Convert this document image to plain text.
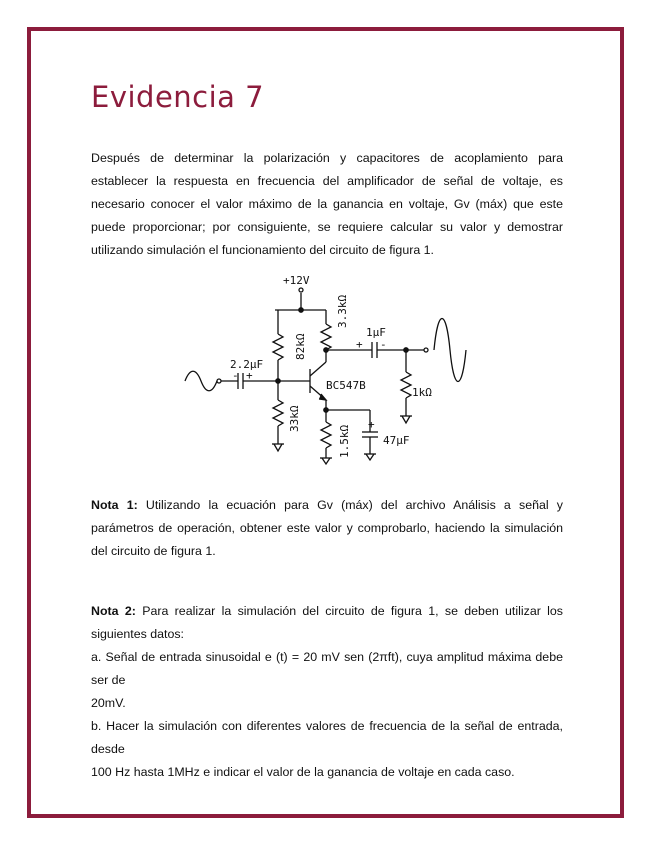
Evidencia 7
Después de determinar la polarización y capacitores de acoplamiento para
establecer la respuesta en frecuencia del amplificador de señal de voltaje, es
necesario conocer el valor máximo de la ganancia en voltaje, Gv (máx) que este
puede proporcionar; por consiguiente, se requiere calcular su valor y demostrar
utilizando simulación el funcionamiento del circuito de figura 1.
+12V
3.3kΩ
82kΩ
1μF
2.2μF
BC547B
1kΩ
33kΩ
1.5kΩ	47μF
+ -
- +
+
Nota 1: Utilizando la ecuación para Gv (máx) del archivo Análisis a señal y
parámetros de operación, obtener este valor y comprobarlo, haciendo la simulación
del circuito de figura 1.
Nota 2: Para realizar la simulación del circuito de figura 1, se deben utilizar los
siguientes datos:
a. Señal de entrada sinusoidal e (t) = 20 mV sen (2πft), cuya amplitud máxima debe
ser de
20mV.
b. Hacer la simulación con diferentes valores de frecuencia de la señal de entrada,
desde
100 Hz hasta 1MHz e indicar el valor de la ganancia de voltaje en cada caso.
